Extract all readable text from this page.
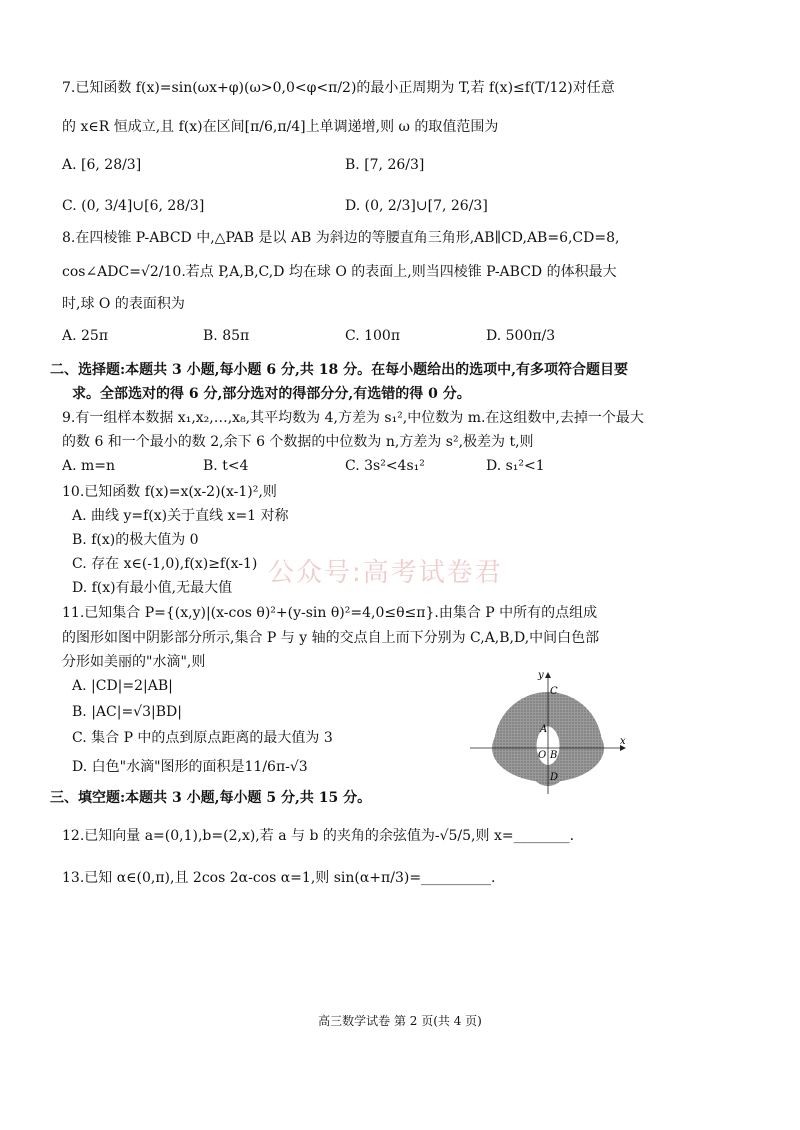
7.已知函数 f(x)=sin(ωx+φ)(ω>0,0<φ<π/2)的最小正周期为 T,若 f(x)≤f(T/12)对任意
的 x∈R 恒成立,且 f(x)在区间[π/6,π/4]上单调递增,则 ω 的取值范围为
A. [6, 28/3]	B. [7, 26/3]
C. (0, 3/4]∪[6, 28/3]	D. (0, 2/3]∪[7, 26/3]
8.在四棱锥 P-ABCD 中,△PAB 是以 AB 为斜边的等腰直角三角形,AB∥CD,AB=6,CD=8,
cos∠ADC=√2/10.若点 P,A,B,C,D 均在球 O 的表面上,则当四棱锥 P-ABCD 的体积最大
时,球 O 的表面积为
A. 25π	B. 85π	C. 100π	D. 500π/3
二、选择题:本题共 3 小题,每小题 6 分,共 18 分。在每小题给出的选项中,有多项符合题目要
求。全部选对的得 6 分,部分选对的得部分分,有选错的得 0 分。
9.有一组样本数据 x₁,x₂,…,x₈,其平均数为 4,方差为 s₁²,中位数为 m.在这组数中,去掉一个最大
的数 6 和一个最小的数 2,余下 6 个数据的中位数为 n,方差为 s²,极差为 t,则
A. m=n	B. t<4	C. 3s²<4s₁²	D. s₁²<1
10.已知函数 f(x)=x(x-2)(x-1)²,则
A. 曲线 y=f(x)关于直线 x=1 对称
B. f(x)的极大值为 0
C. 存在 x∈(-1,0),f(x)≥f(x-1)
D. f(x)有最小值,无最大值 公众号:高考试卷君
11.已知集合 P={(x,y)|(x-cos θ)²+(y-sin θ)²=4,0≤θ≤π}.由集合 P 中所有的点组成
的图形如图中阴影部分所示,集合 P 与 y 轴的交点自上而下分别为 C,A,B,D,中间白色部
分形如美丽的"水滴",则
A. |CD|=2|AB|
B. |AC|=√3|BD|
C. 集合 P 中的点到原点距离的最大值为 3
D. 白色"水滴"图形的面积是11/6π-√3
x
y
C
A
O B
D
三、填空题:本题共 3 小题,每小题 5 分,共 15 分。
12.已知向量 a=(0,1),b=(2,x),若 a 与 b 的夹角的余弦值为-√5/5,则 x=________.
13.已知 α∈(0,π),且 2cos 2α-cos α=1,则 sin(α+π/3)=__________.
高三数学试卷 第 2 页(共 4 页)
